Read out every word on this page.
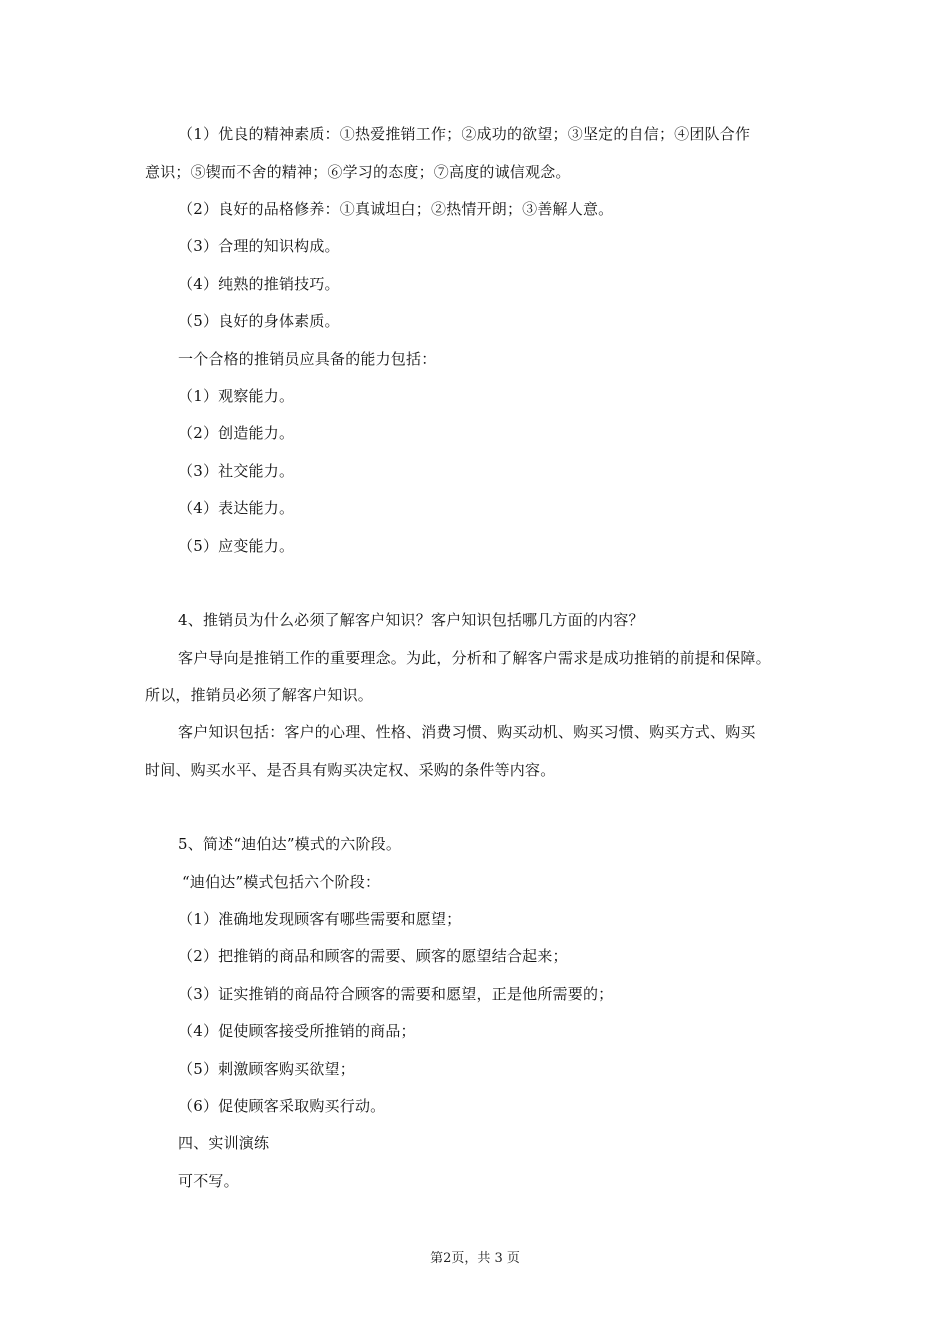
（1）优良的精神素质：①热爱推销工作；②成功的欲望；③坚定的自信；④团队合作
意识；⑤锲而不舍的精神；⑥学习的态度；⑦高度的诚信观念。
（2）良好的品格修养：①真诚坦白；②热情开朗；③善解人意。
（3）合理的知识构成。
（4）纯熟的推销技巧。
（5）良好的身体素质。
一个合格的推销员应具备的能力包括：
（1）观察能力。
（2）创造能力。
（3）社交能力。
（4）表达能力。
（5）应变能力。
4、推销员为什么必须了解客户知识？客户知识包括哪几方面的内容？
客户导向是推销工作的重要理念。为此，分析和了解客户需求是成功推销的前提和保障。
所以，推销员必须了解客户知识。
客户知识包括：客户的心理、性格、消费习惯、购买动机、购买习惯、购买方式、购买
时间、购买水平、是否具有购买决定权、采购的条件等内容。
5、简述“迪伯达”模式的六阶段。
“迪伯达”模式包括六个阶段：
（1）准确地发现顾客有哪些需要和愿望；
（2）把推销的商品和顾客的需要、顾客的愿望结合起来；
（3）证实推销的商品符合顾客的需要和愿望，正是他所需要的；
（4）促使顾客接受所推销的商品；
（5）刺激顾客购买欲望；
（6）促使顾客采取购买行动。
四、实训演练
可不写。
第2页，共 3 页
